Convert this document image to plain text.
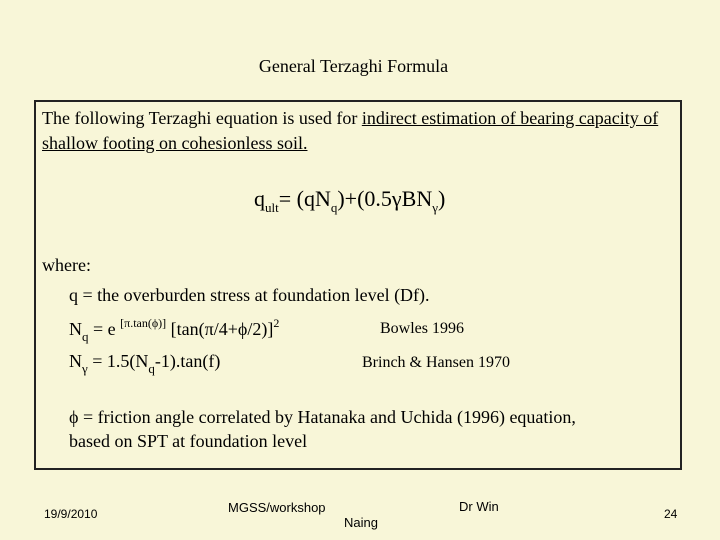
General Terzaghi Formula
The following Terzaghi equation is used for indirect estimation of bearing capacity of shallow footing on cohesionless soil.
$q_{ult}= (qN_q)+(0.5\gamma BN_\gamma)$
where:
q = the overburden stress at foundation level (Df).
$N_q = e$ [π.tan(ϕ)] $[\tan(\pi/4+\phi/2)]^2$	Bowles 1996
$N_\gamma = 1.5(N_q-1).\tan(f)$	Brinch & Hansen 1970
ϕ = friction angle correlated by Hatanaka and Uchida (1996) equation,
based on SPT at foundation level
19/9/2010	MGSS/workshop
Naing
Dr Win	24
